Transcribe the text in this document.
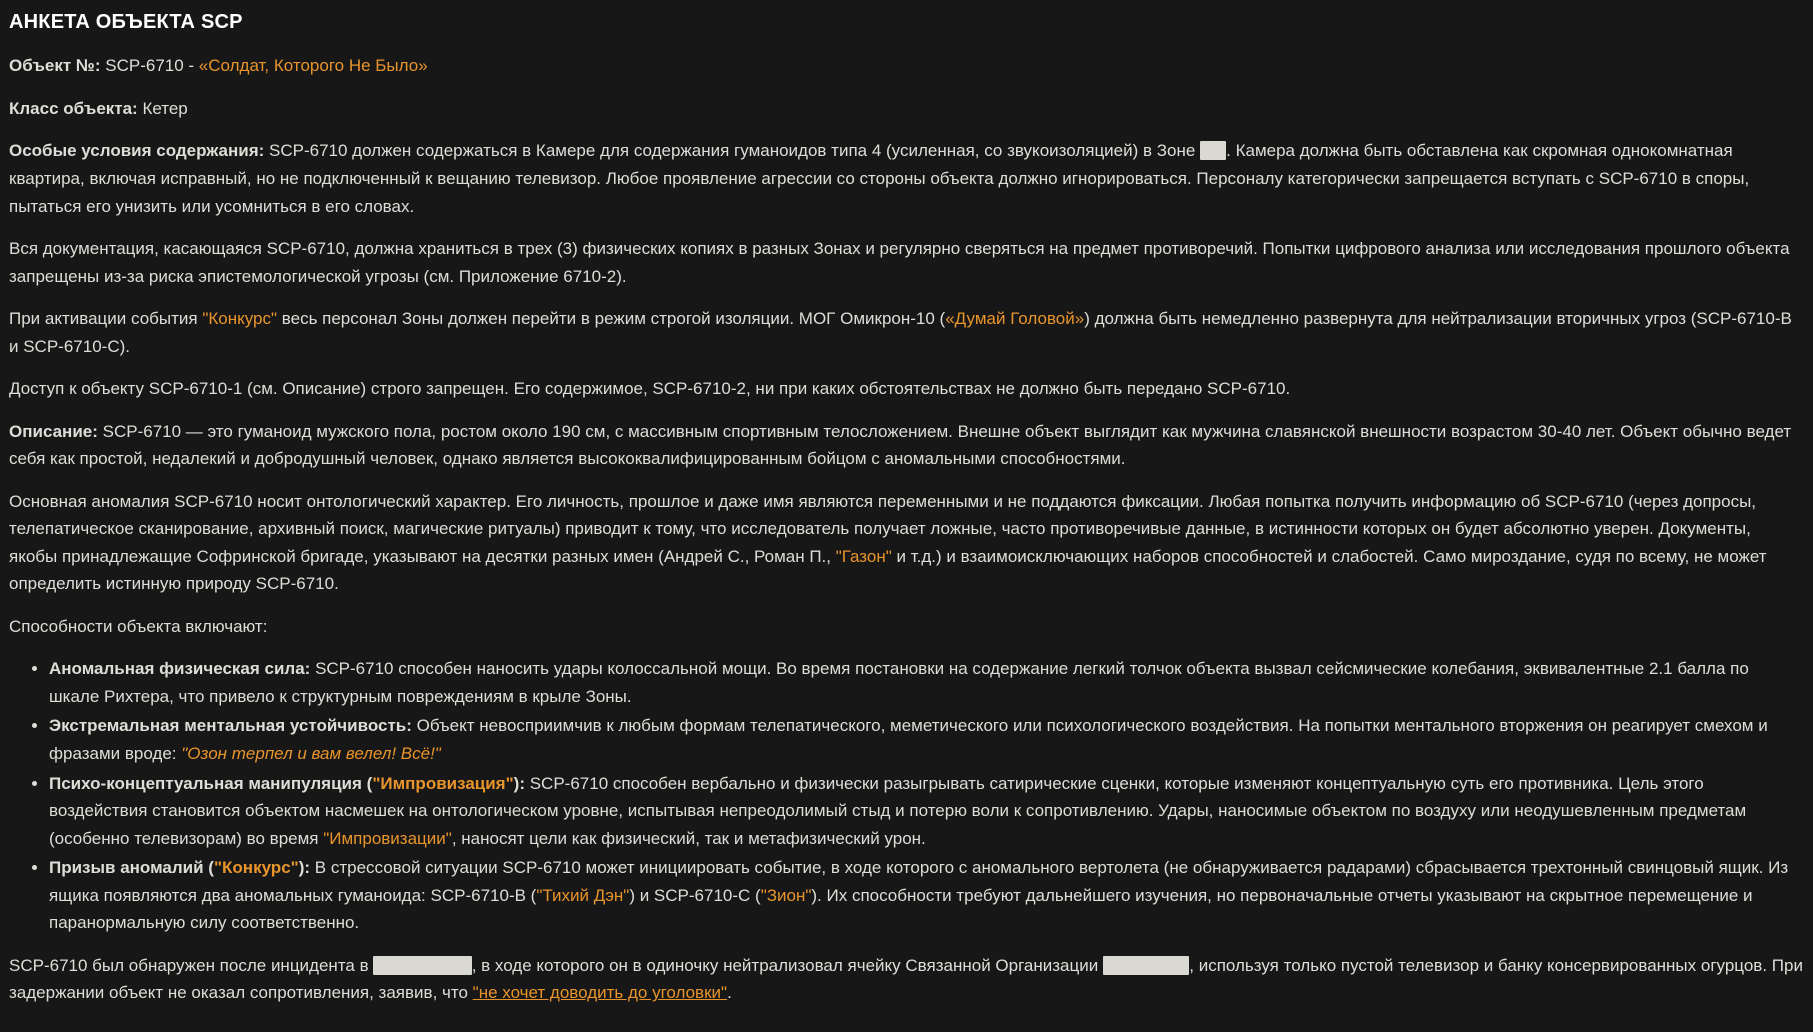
АНКЕТА ОБЪЕКТА SCP

Объект №: SCP-6710 - «Солдат, Которого Не Было»

Класс объекта: Кетер

Особые условия содержания: SCP-6710 должен содержаться в Камере для содержания гуманоидов типа 4 (усиленная, со звукоизоляцией) в Зоне . Камера должна быть обставлена как скромная однокомнатная квартира, включая исправный, но не подключенный к вещанию телевизор. Любое проявление агрессии со стороны объекта должно игнорироваться. Персоналу категорически запрещается вступать с SCP-6710 в споры, пытаться его унизить или усомниться в его словах.

Вся документация, касающаяся SCP-6710, должна храниться в трех (3) физических копиях в разных Зонах и регулярно сверяться на предмет противоречий. Попытки цифрового анализа или исследования прошлого объекта запрещены из-за риска эпистемологической угрозы (см. Приложение 6710-2).

При активации события "Конкурс" весь персонал Зоны должен перейти в режим строгой изоляции. МОГ Омикрон-10 («Думай Головой») должна быть немедленно развернута для нейтрализации вторичных угроз (SCP-6710-B и SCP-6710-C).

Доступ к объекту SCP-6710-1 (см. Описание) строго запрещен. Его содержимое, SCP-6710-2, ни при каких обстоятельствах не должно быть передано SCP-6710.

Описание: SCP-6710 — это гуманоид мужского пола, ростом около 190 см, с массивным спортивным телосложением. Внешне объект выглядит как мужчина славянской внешности возрастом 30-40 лет. Объект обычно ведет себя как простой, недалекий и добродушный человек, однако является высококвалифицированным бойцом с аномальными способностями.

Основная аномалия SCP-6710 носит онтологический характер. Его личность, прошлое и даже имя являются переменными и не поддаются фиксации. Любая попытка получить информацию об SCP-6710 (через допросы, телепатическое сканирование, архивный поиск, магические ритуалы) приводит к тому, что исследователь получает ложные, часто противоречивые данные, в истинности которых он будет абсолютно уверен. Документы, якобы принадлежащие Софринской бригаде, указывают на десятки разных имен (Андрей С., Роман П., "Газон" и т.д.) и взаимоисключающих наборов способностей и слабостей. Само мироздание, судя по всему, не может определить истинную природу SCP-6710.

Способности объекта включают:

• Аномальная физическая сила: SCP-6710 способен наносить удары колоссальной мощи. Во время постановки на содержание легкий толчок объекта вызвал сейсмические колебания, эквивалентные 2.1 балла по шкале Рихтера, что привело к структурным повреждениям в крыле Зоны.
• Экстремальная ментальная устойчивость: Объект невосприимчив к любым формам телепатического, меметического или психологического воздействия. На попытки ментального вторжения он реагирует смехом и фразами вроде: "Озон терпел и вам велел! Всё!"
• Психо-концептуальная манипуляция ("Импровизация"): SCP-6710 способен вербально и физически разыгрывать сатирические сценки, которые изменяют концептуальную суть его противника. Цель этого воздействия становится объектом насмешек на онтологическом уровне, испытывая непреодолимый стыд и потерю воли к сопротивлению. Удары, наносимые объектом по воздуху или неодушевленным предметам (особенно телевизорам) во время "Импровизации", наносят цели как физический, так и метафизический урон.
• Призыв аномалий ("Конкурс"): В стрессовой ситуации SCP-6710 может инициировать событие, в ходе которого с аномального вертолета (не обнаруживается радарами) сбрасывается трехтонный свинцовый ящик. Из ящика появляются два аномальных гуманоида: SCP-6710-B ("Тихий Дэн") и SCP-6710-C ("Зион"). Их способности требуют дальнейшего изучения, но первоначальные отчеты указывают на скрытное перемещение и паранормальную силу соответственно.

SCP-6710 был обнаружен после инцидента в	, в ходе которого он в одиночку нейтрализовал ячейку Связанной Организации	, используя только пустой телевизор и банку консервированных огурцов. При задержании объект не оказал сопротивления, заявив, что "не хочет доводить до уголовки".
